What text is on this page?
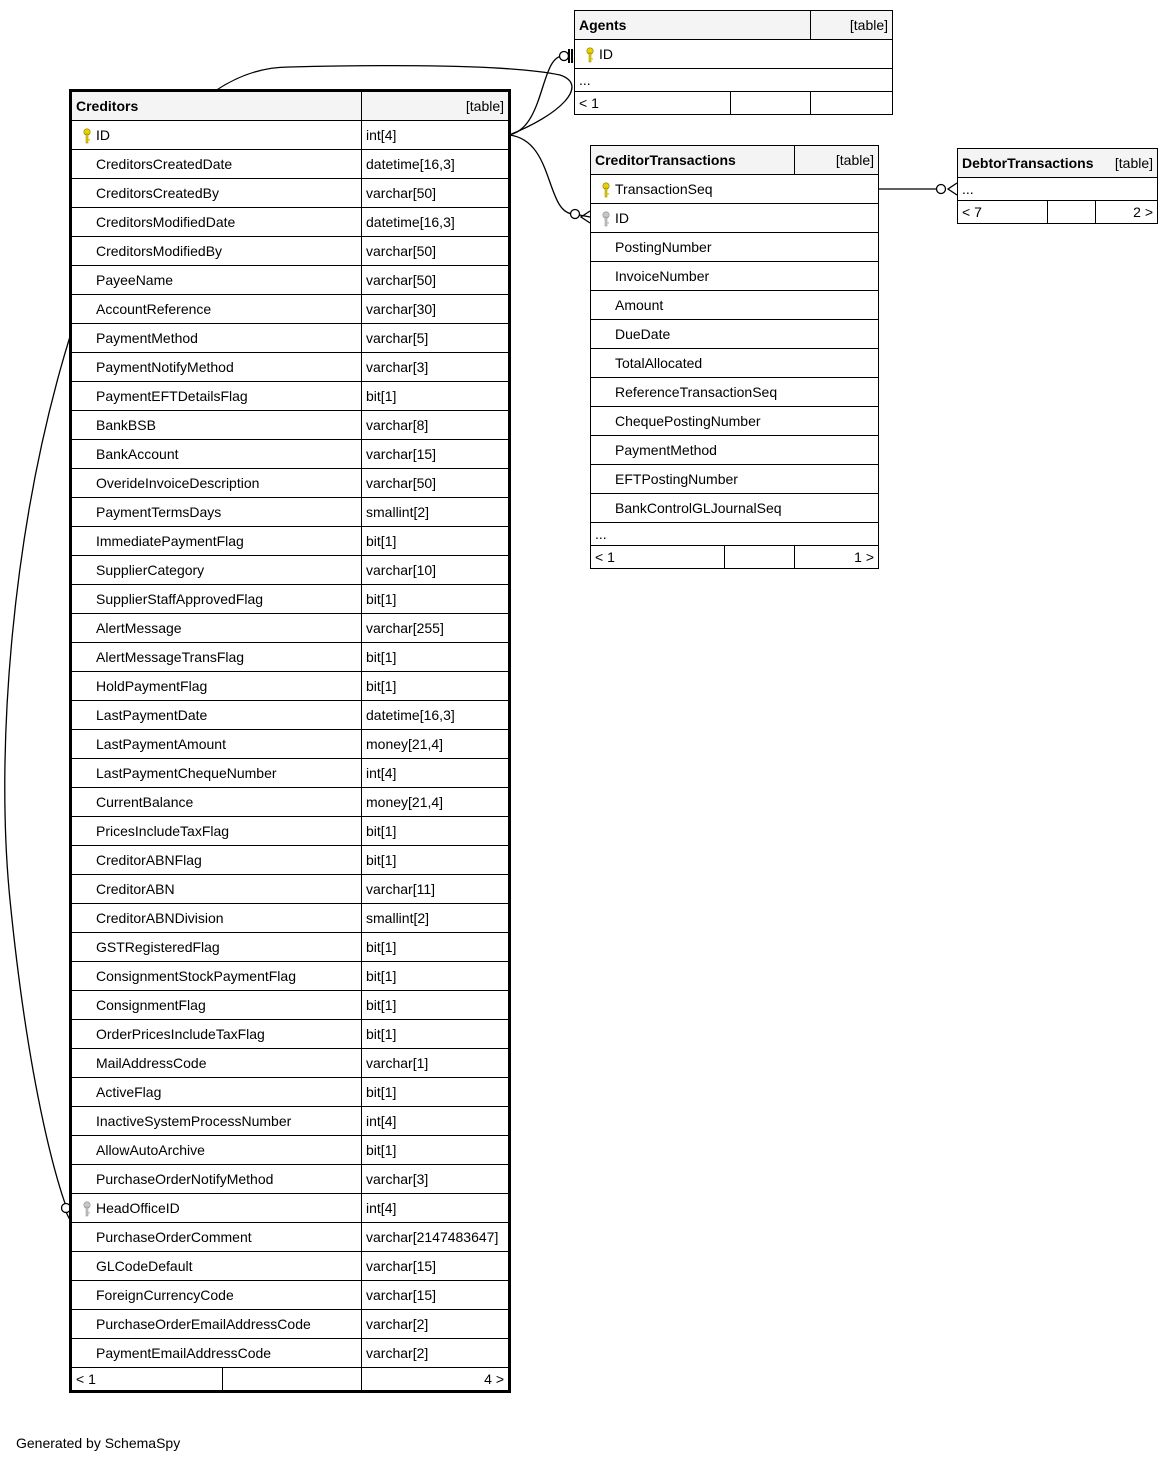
Agents		[table]

ID		
...		
< 1		
Creditors		[table]

ID		int[4]
CreditorsCreatedDate		datetime[16,3]
CreditorsCreatedBy		varchar[50]
CreditorsModifiedDate		datetime[16,3]
CreditorsModifiedBy		varchar[50]
PayeeName		varchar[50]
AccountReference		varchar[30]
PaymentMethod		varchar[5]
PaymentNotifyMethod		varchar[3]
PaymentEFTDetailsFlag		bit[1]
BankBSB		varchar[8]
BankAccount		varchar[15]
OverideInvoiceDescription		varchar[50]
PaymentTermsDays		smallint[2]
ImmediatePaymentFlag		bit[1]
SupplierCategory		varchar[10]
SupplierStaffApprovedFlag		bit[1]
AlertMessage		varchar[255]
AlertMessageTransFlag		bit[1]
HoldPaymentFlag		bit[1]
LastPaymentDate		datetime[16,3]
LastPaymentAmount		money[21,4]
LastPaymentChequeNumber		int[4]
CurrentBalance		money[21,4]
PricesIncludeTaxFlag		bit[1]
CreditorABNFlag		bit[1]
CreditorABN		varchar[11]
CreditorABNDivision		smallint[2]
GSTRegisteredFlag		bit[1]
ConsignmentStockPaymentFlag		bit[1]
ConsignmentFlag		bit[1]
OrderPricesIncludeTaxFlag		bit[1]
MailAddressCode		varchar[1]
ActiveFlag		bit[1]
InactiveSystemProcessNumber		int[4]
AllowAutoArchive		bit[1]
PurchaseOrderNotifyMethod		varchar[3]

HeadOfficeID		int[4]
PurchaseOrderComment		varchar[2147483647]
GLCodeDefault		varchar[15]
ForeignCurrencyCode		varchar[15]
PurchaseOrderEmailAddressCode		varchar[2]
PaymentEmailAddressCode		varchar[2]
< 1		4 >
CreditorTransactions		[table]

TransactionSeq		

ID		
PostingNumber		
InvoiceNumber		
Amount		
DueDate		
TotalAllocated		
ReferenceTransactionSeq		
ChequePostingNumber		
PaymentMethod		
EFTPostingNumber		
BankControlGLJournalSeq		
...		
< 1		1 >
DebtorTransactions [table]

...
< 7		2 >
Generated by SchemaSpy
